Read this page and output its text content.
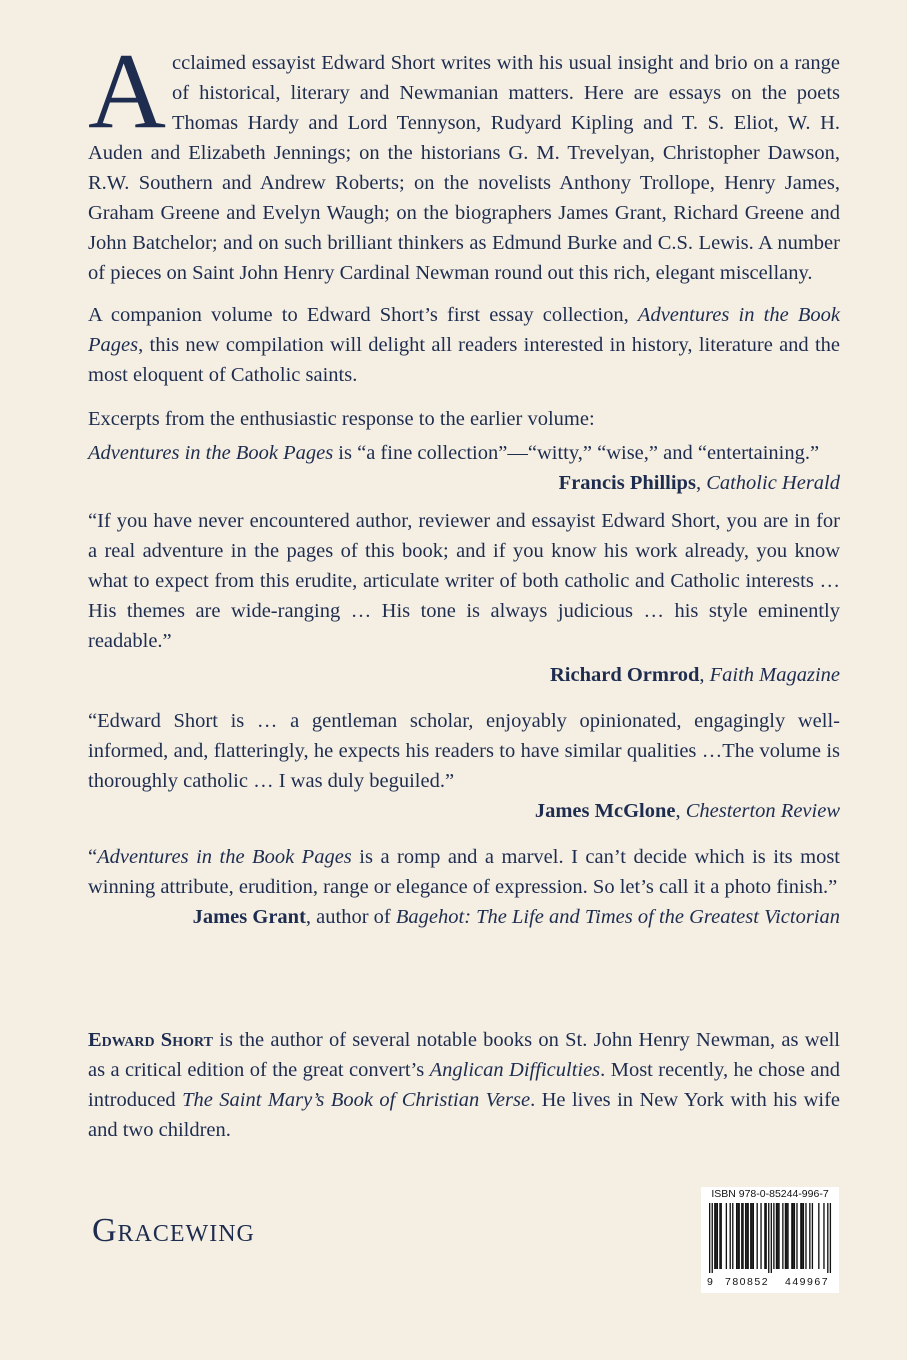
Acclaimed essayist Edward Short writes with his usual insight and brio on a range of historical, literary and Newmanian matters. Here are essays on the poets Thomas Hardy and Lord Tennyson, Rudyard Kipling and T. S. Eliot, W. H. Auden and Elizabeth Jennings; on the historians G. M. Trevelyan, Christopher Dawson, R.W. Southern and Andrew Roberts; on the novelists Anthony Trollope, Henry James, Graham Greene and Evelyn Waugh; on the biographers James Grant, Richard Greene and John Batchelor; and on such brilliant thinkers as Edmund Burke and C.S. Lewis. A number of pieces on Saint John Henry Cardinal Newman round out this rich, elegant miscellany.

A companion volume to Edward Short’s first essay collection, Adventures in the Book Pages, this new compilation will delight all readers interested in history, literature and the most eloquent of Catholic saints.

Excerpts from the enthusiastic response to the earlier volume:

Adventures in the Book Pages is “a fine collection”—“witty,” “wise,” and “entertaining.”

Francis Phillips, Catholic Herald

“If you have never encountered author, reviewer and essayist Edward Short, you are in for a real adventure in the pages of this book; and if you know his work already, you know what to expect from this erudite, articulate writer of both catholic and Catholic interests … His themes are wide-ranging … His tone is always judicious … his style eminently readable.”

Richard Ormrod, Faith Magazine

“Edward Short is … a gentleman scholar, enjoyably opinionated, engagingly well-informed, and, flatteringly, he expects his readers to have similar qualities …The volume is thoroughly catholic … I was duly beguiled.”

James McGlone, Chesterton Review

“Adventures in the Book Pages is a romp and a marvel. I can’t decide which is its most winning attribute, erudition, range or elegance of expression. So let’s call it a photo finish.”

James Grant, author of Bagehot: The Life and Times of the Greatest Victorian

Edward Short is the author of several notable books on St. John Henry Newman, as well as a critical edition of the great convert’s Anglican Difficulties. Most recently, he chose and introduced The Saint Mary’s Book of Christian Verse. He lives in New York with his wife and two children.

Gracewing
ISBN 978-0-85244-996-7
9 780852 449967
